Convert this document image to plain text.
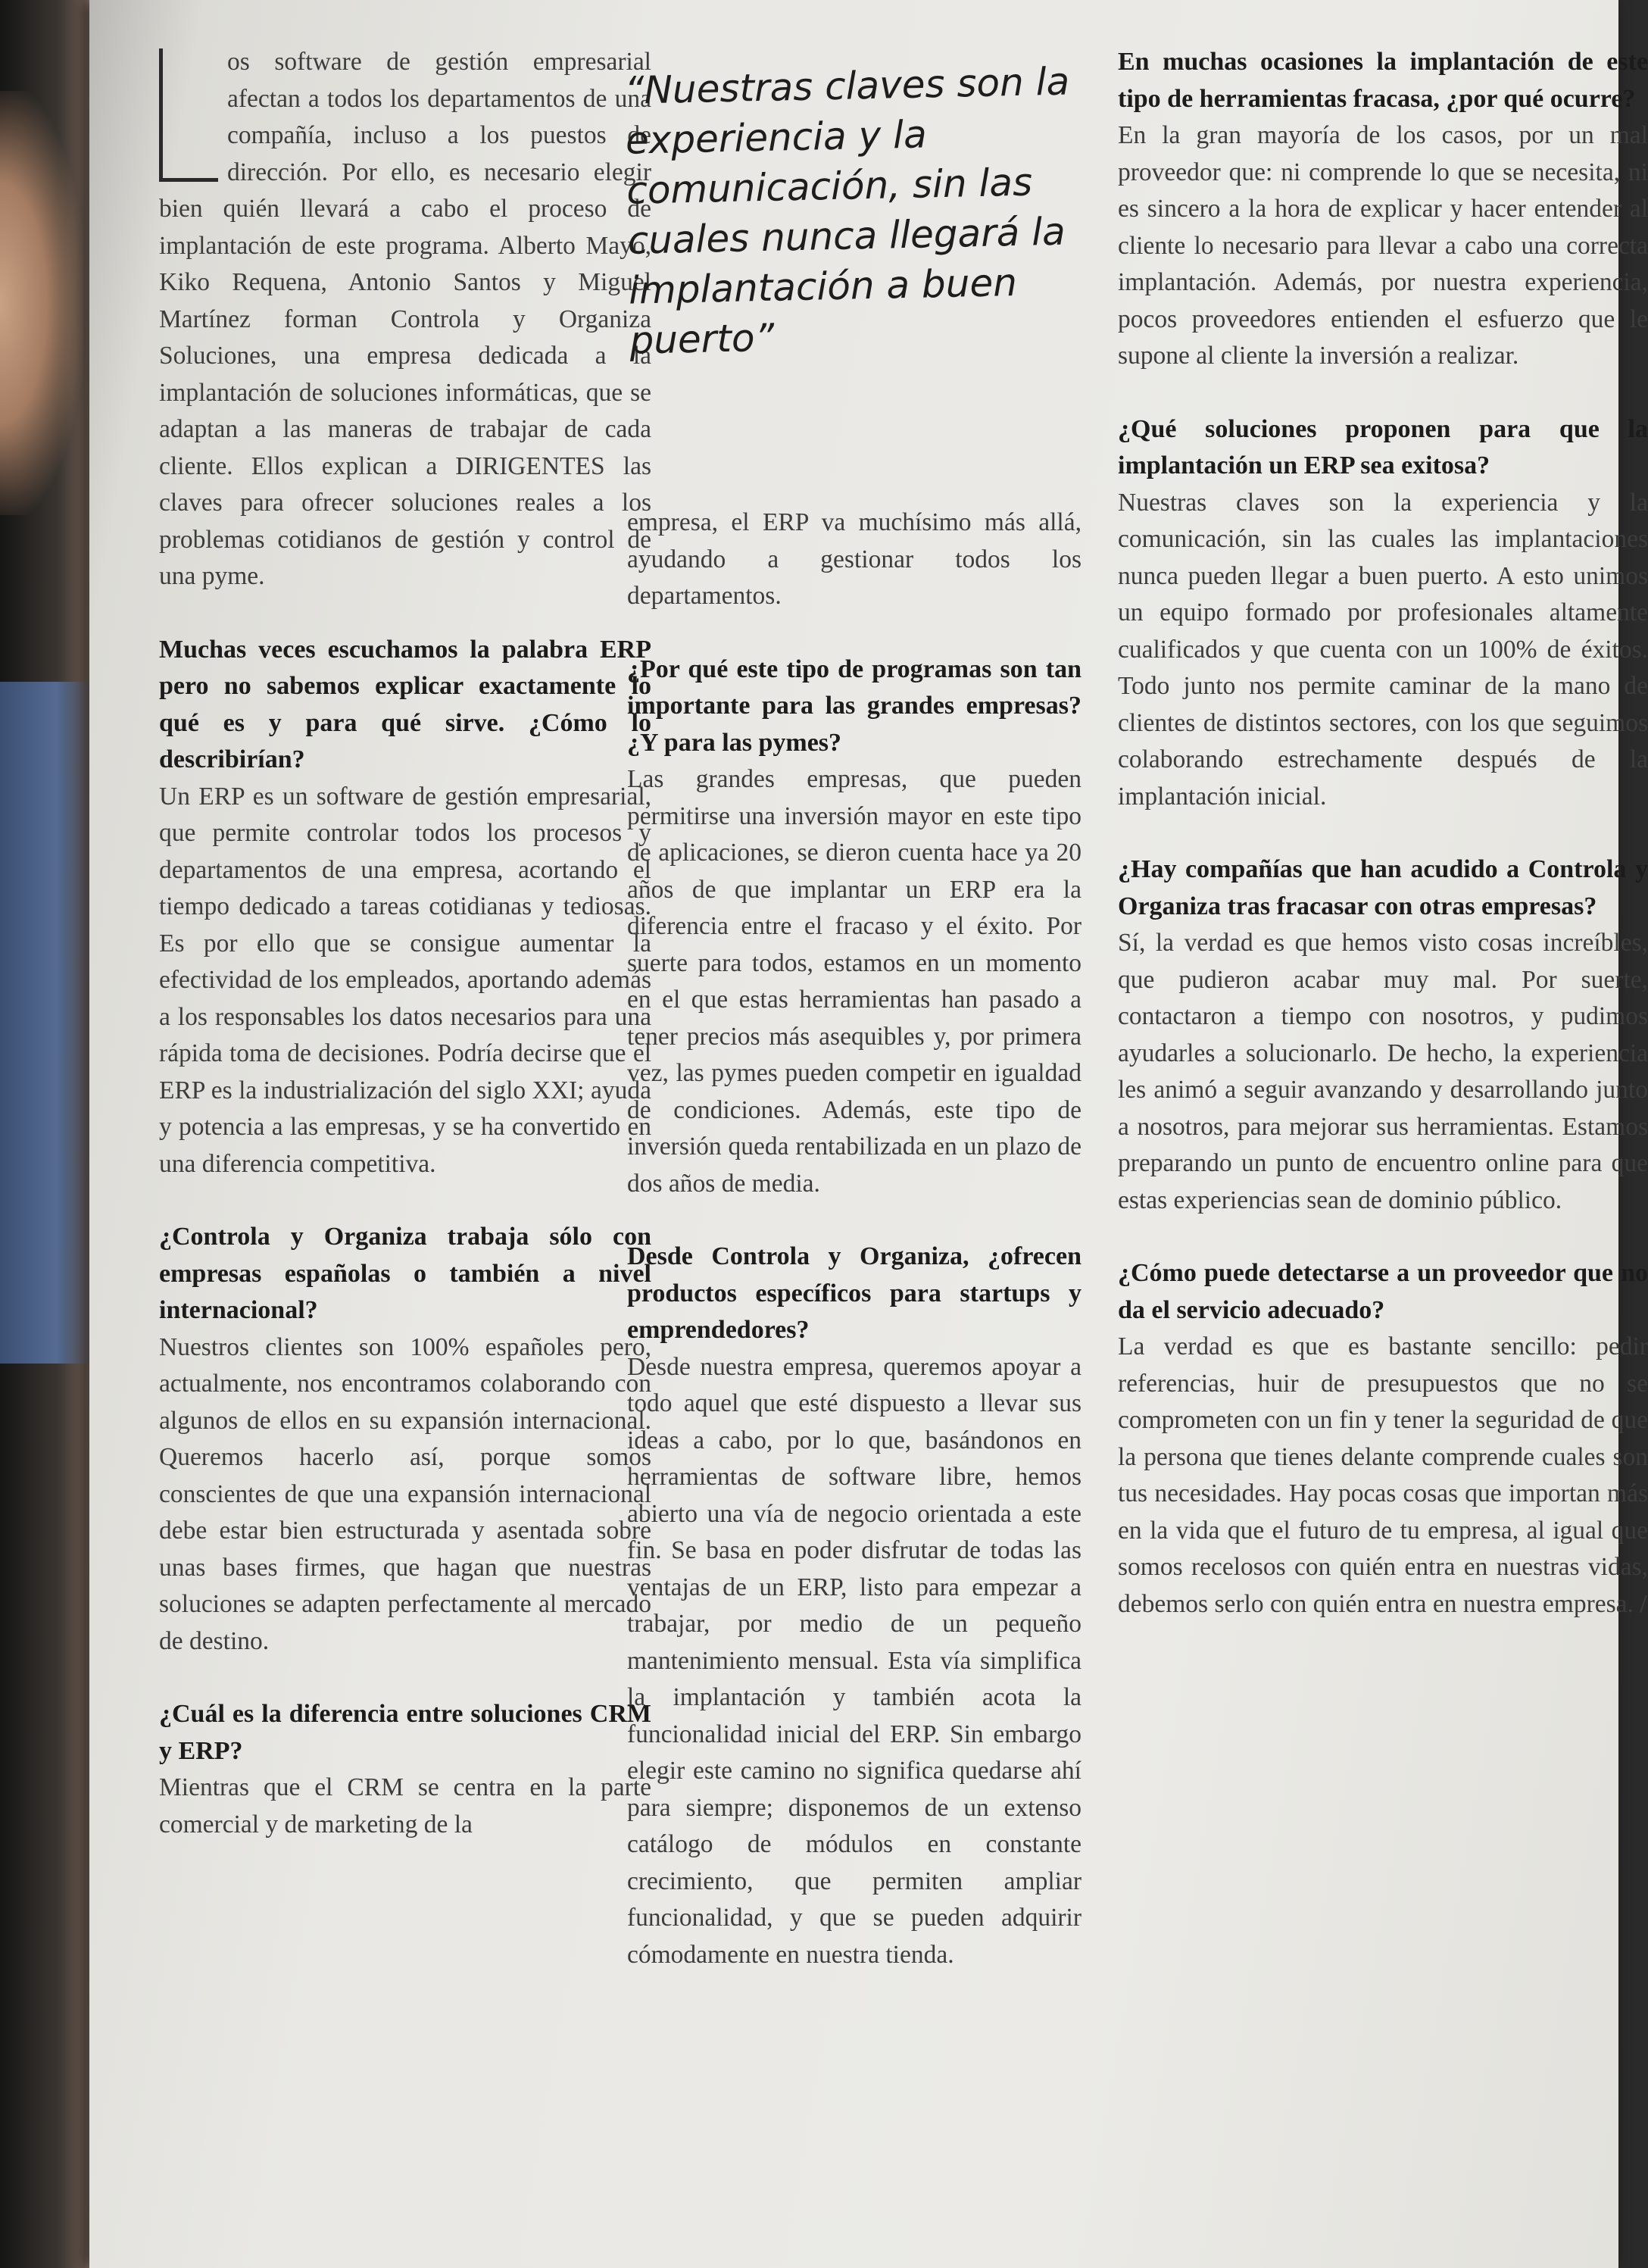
os software de gestión empresarial afectan a todos los departamentos de una compañía, incluso a los puestos de dirección. Por ello, es necesario elegir bien quién llevará a cabo el proceso de implantación de este programa. Alberto Mayo, Kiko Requena, Antonio Santos y Miguel Martínez forman Controla y Organiza Soluciones, una empresa dedicada a la implantación de soluciones informáticas, que se adaptan a las maneras de trabajar de cada cliente. Ellos explican a DIRIGENTES las claves para ofrecer soluciones reales a los problemas cotidianos de gestión y control de una pyme.

Muchas veces escuchamos la palabra ERP pero no sabemos explicar exactamente lo qué es y para qué sirve. ¿Cómo lo describirían?

Un ERP es un software de gestión empresarial, que permite controlar todos los procesos y departamentos de una empresa, acortando el tiempo dedicado a tareas cotidianas y tediosas. Es por ello que se consigue aumentar la efectividad de los empleados, aportando además a los responsables los datos necesarios para una rápida toma de decisiones. Podría decirse que el ERP es la industrialización del siglo XXI; ayuda y potencia a las empresas, y se ha convertido en una diferencia competitiva.

¿Controla y Organiza trabaja sólo con empresas españolas o también a nivel internacional?

Nuestros clientes son 100% españoles pero, actualmente, nos encontramos colaborando con algunos de ellos en su expansión internacional. Queremos hacerlo así, porque somos conscientes de que una expansión internacional debe estar bien estructurada y asentada sobre unas bases firmes, que hagan que nuestras soluciones se adapten perfectamente al mercado de destino.

¿Cuál es la diferencia entre soluciones CRM y ERP?

Mientras que el CRM se centra en la parte comercial y de marketing de la

“Nuestras claves son la experiencia y la comunicación, sin las cuales nunca llegará la implantación a buen puerto”

empresa, el ERP va muchísimo más allá, ayudando a gestionar todos los departamentos.

¿Por qué este tipo de programas son tan importante para las grandes empresas? ¿Y para las pymes?

Las grandes empresas, que pueden permitirse una inversión mayor en este tipo de aplicaciones, se dieron cuenta hace ya 20 años de que implantar un ERP era la diferencia entre el fracaso y el éxito. Por suerte para todos, estamos en un momento en el que estas herramientas han pasado a tener precios más asequibles y, por primera vez, las pymes pueden competir en igualdad de condiciones. Además, este tipo de inversión queda rentabilizada en un plazo de dos años de media.

Desde Controla y Organiza, ¿ofrecen productos específicos para startups y emprendedores?

Desde nuestra empresa, queremos apoyar a todo aquel que esté dispuesto a llevar sus ideas a cabo, por lo que, basándonos en herramientas de software libre, hemos abierto una vía de negocio orientada a este fin. Se basa en poder disfrutar de todas las ventajas de un ERP, listo para empezar a trabajar, por medio de un pequeño mantenimiento mensual. Esta vía simplifica la implantación y también acota la funcionalidad inicial del ERP. Sin embargo elegir este camino no significa quedarse ahí para siempre; disponemos de un extenso catálogo de módulos en constante crecimiento, que permiten ampliar funcionalidad, y que se pueden adquirir cómodamente en nuestra tienda.

En muchas ocasiones la implantación de este tipo de herramientas fracasa, ¿por qué ocurre?

En la gran mayoría de los casos, por un mal proveedor que: ni comprende lo que se necesita, ni es sincero a la hora de explicar y hacer entender al cliente lo necesario para llevar a cabo una correcta implantación. Además, por nuestra experiencia, pocos proveedores entienden el esfuerzo que le supone al cliente la inversión a realizar.

¿Qué soluciones proponen para que la implantación un ERP sea exitosa?

Nuestras claves son la experiencia y la comunicación, sin las cuales las implantaciones nunca pueden llegar a buen puerto. A esto unimos un equipo formado por profesionales altamente cualificados y que cuenta con un 100% de éxitos. Todo junto nos permite caminar de la mano de clientes de distintos sectores, con los que seguimos colaborando estrechamente después de la implantación inicial.

¿Hay compañías que han acudido a Controla y Organiza tras fracasar con otras empresas?

Sí, la verdad es que hemos visto cosas increíbles, que pudieron acabar muy mal. Por suerte, contactaron a tiempo con nosotros, y pudimos ayudarles a solucionarlo. De hecho, la experiencia les animó a seguir avanzando y desarrollando junto a nosotros, para mejorar sus herramientas. Estamos preparando un punto de encuentro online para que estas experiencias sean de dominio público.

¿Cómo puede detectarse a un proveedor que no da el servicio adecuado?

La verdad es que es bastante sencillo: pedir referencias, huir de presupuestos que no se comprometen con un fin y tener la seguridad de que la persona que tienes delante comprende cuales son tus necesidades. Hay pocas cosas que importan más en la vida que el futuro de tu empresa, al igual que somos recelosos con quién entra en nuestras vidas, debemos serlo con quién entra en nuestra empresa. /
